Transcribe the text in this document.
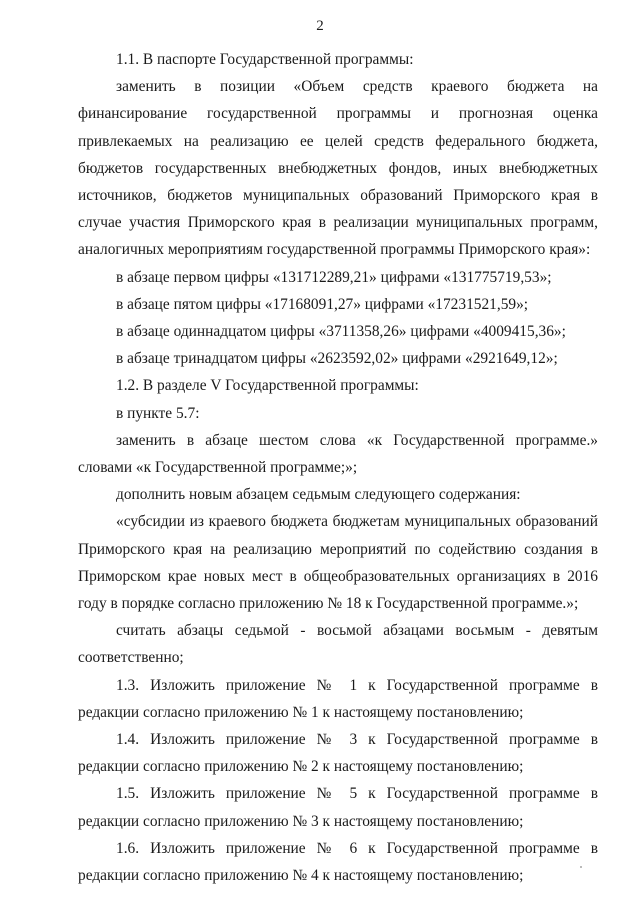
2

1.1. В паспорте Государственной программы:

заменить в позиции «Объем средств краевого бюджета на финансирование государственной программы и прогнозная оценка привлекаемых на реализацию ее целей средств федерального бюджета, бюджетов государственных внебюджетных фондов, иных внебюджетных источников, бюджетов муниципальных образований Приморского края в случае участия Приморского края в реализации муниципальных программ, аналогичных мероприятиям государственной программы Приморского края»:

в абзаце первом цифры «131712289,21» цифрами «131775719,53»;

в абзаце пятом цифры «17168091,27» цифрами «17231521,59»;

в абзаце одиннадцатом цифры «3711358,26» цифрами «4009415,36»;

в абзаце тринадцатом цифры «2623592,02» цифрами «2921649,12»;

1.2. В разделе V Государственной программы:

в пункте 5.7:

заменить в абзаце шестом слова «к Государственной программе.» словами «к Государственной программе;»;

дополнить новым абзацем седьмым следующего содержания:

«субсидии из краевого бюджета бюджетам муниципальных образований Приморского края на реализацию мероприятий по содействию создания в Приморском крае новых мест в общеобразовательных организациях в 2016 году в порядке согласно приложению № 18 к Государственной программе.»;

считать абзацы седьмой - восьмой абзацами восьмым - девятым соответственно;

1.3. Изложить приложение № 1 к Государственной программе в редакции согласно приложению № 1 к настоящему постановлению;

1.4. Изложить приложение № 3 к Государственной программе в редакции согласно приложению № 2 к настоящему постановлению;

1.5. Изложить приложение № 5 к Государственной программе в редакции согласно приложению № 3 к настоящему постановлению;

1.6. Изложить приложение № 6 к Государственной программе в редакции согласно приложению № 4 к настоящему постановлению;
